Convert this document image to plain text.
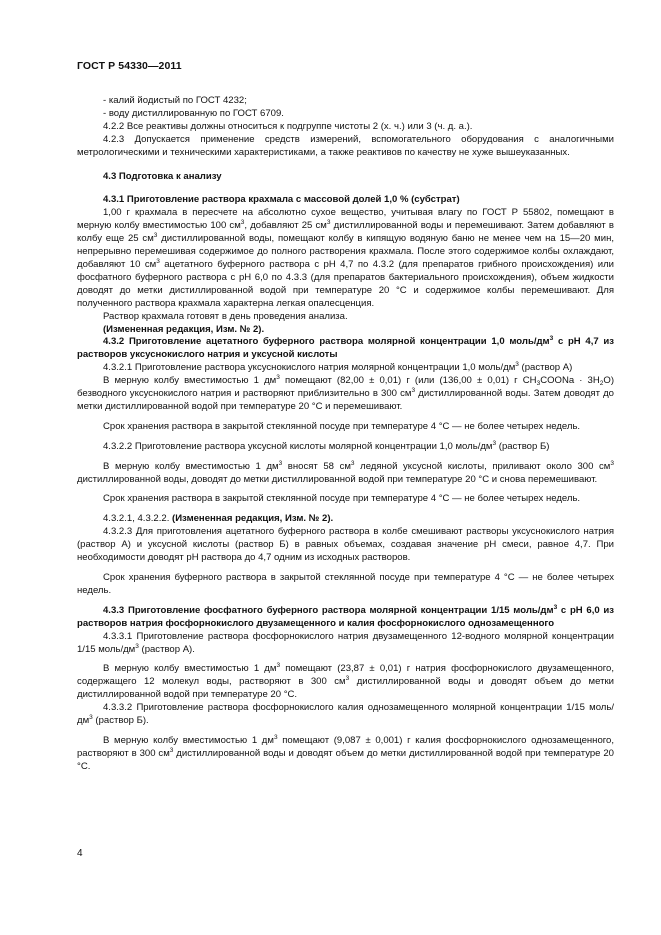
ГОСТ Р 54330—2011

- калий йодистый по ГОСТ 4232;

- воду дистиллированную по ГОСТ 6709.

4.2.2 Все реактивы должны относиться к подгруппе чистоты 2 (х. ч.) или 3 (ч. д. а.).

4.2.3 Допускается применение средств измерений, вспомогательного оборудования с аналогичными метрологическими и техническими характеристиками, а также реактивов по качеству не хуже вышеуказанных.

4.3 Подготовка к анализу

4.3.1 Приготовление раствора крахмала с массовой долей 1,0 % (субстрат)

1,00 г крахмала в пересчете на абсолютно сухое вещество, учитывая влагу по ГОСТ Р 55802, помещают в мерную колбу вместимостью 100 $см^3$, добавляют 25 $см^3$ дистиллированной воды и перемешивают. Затем добавляют в колбу еще 25 $см^3$ дистиллированной воды, помещают колбу в кипящую водяную баню не менее чем на 15—20 мин, непрерывно перемешивая содержимое до полного растворения крахмала. После этого содержимое колбы охлаждают, добавляют 10 $см^3$ ацетатного буферного раствора с pH 4,7 по 4.3.2 (для препаратов грибного происхождения) или фосфатного буферного раствора с pH 6,0 по 4.3.3 (для препаратов бактериального происхождения), объем жидкости доводят до метки дистиллированной водой при температуре 20 °С и содержимое колбы перемешивают. Для полученного раствора крахмала характерна легкая опалесценция.

Раствор крахмала готовят в день проведения анализа.

(Измененная редакция, Изм. № 2).

4.3.2 Приготовление ацетатного буферного раствора молярной концентрации 1,0 моль/$дм^3$ с pH 4,7 из растворов уксуснокислого натрия и уксусной кислоты

4.3.2.1 Приготовление раствора уксуснокислого натрия молярной концентрации 1,0 моль/$дм^3$ (раствор А)

В мерную колбу вместимостью 1 $дм^3$ помещают (82,00 ± 0,01) г (или (136,00 ± 0,01) г $CH_3COONa \cdot 3H_2O$) безводного уксуснокислого натрия и растворяют приблизительно в 300 $см^3$ дистиллированной воды. Затем доводят до метки дистиллированной водой при температуре 20 °С и перемешивают.

Срок хранения раствора в закрытой стеклянной посуде при температуре 4 °С — не более четырех недель.

4.3.2.2 Приготовление раствора уксусной кислоты молярной концентрации 1,0 моль/$дм^3$ (раствор Б)

В мерную колбу вместимостью 1 $дм^3$ вносят 58 $см^3$ ледяной уксусной кислоты, приливают около 300 $см^3$ дистиллированной воды, доводят до метки дистиллированной водой при температуре 20 °С и снова перемешивают.

Срок хранения раствора в закрытой стеклянной посуде при температуре 4 °С — не более четырех недель.

4.3.2.1, 4.3.2.2. (Измененная редакция, Изм. № 2).

4.3.2.3 Для приготовления ацетатного буферного раствора в колбе смешивают растворы уксуснокислого натрия (раствор А) и уксусной кислоты (раствор Б) в равных объемах, создавая значение pH смеси, равное 4,7. При необходимости доводят pH раствора до 4,7 одним из исходных растворов.

Срок хранения буферного раствора в закрытой стеклянной посуде при температуре 4 °С — не более четырех недель.

4.3.3 Приготовление фосфатного буферного раствора молярной концентрации 1/15 моль/$дм^3$ с pH 6,0 из растворов натрия фосфорнокислого двузамещенного и калия фосфорнокислого однозамещенного

4.3.3.1 Приготовление раствора фосфорнокислого натрия двузамещенного 12-водного молярной концентрации 1/15 моль/$дм^3$ (раствор А).

В мерную колбу вместимостью 1 $дм^3$ помещают (23,87 ± 0,01) г натрия фосфорнокислого двузамещенного, содержащего 12 молекул воды, растворяют в 300 $см^3$ дистиллированной воды и доводят объем до метки дистиллированной водой при температуре 20 °С.

4.3.3.2 Приготовление раствора фосфорнокислого калия однозамещенного молярной концентрации 1/15 моль/$дм^3$ (раствор Б).

В мерную колбу вместимостью 1 $дм^3$ помещают (9,087 ± 0,001) г калия фосфорнокислого однозамещенного, растворяют в 300 $см^3$ дистиллированной воды и доводят объем до метки дистиллированной водой при температуре 20 °С.

4
